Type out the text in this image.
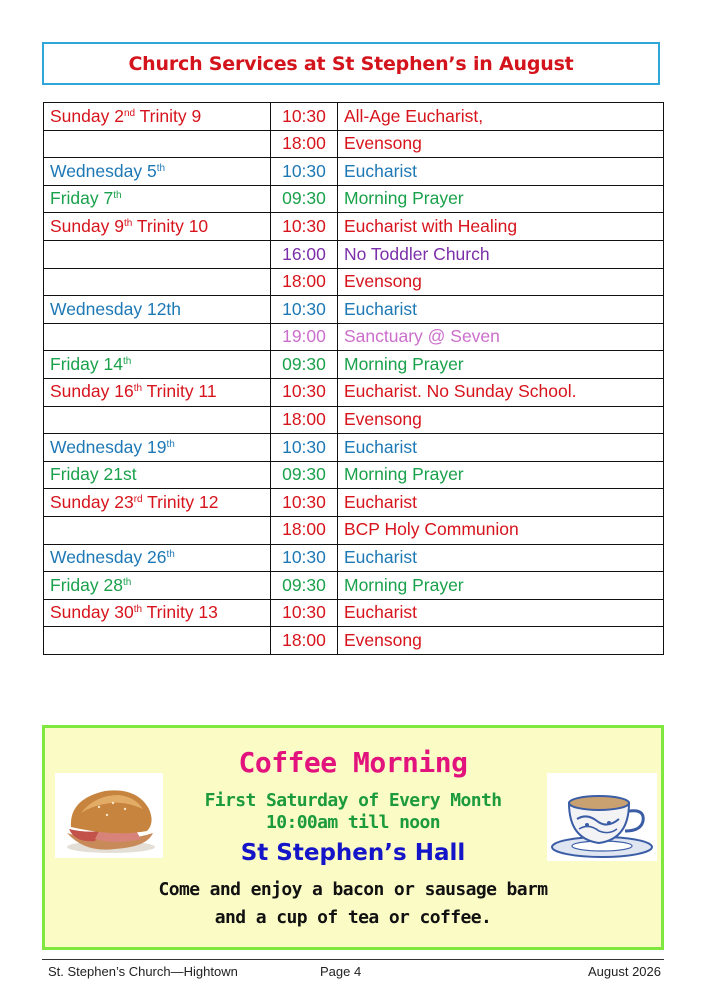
Church Services at St Stephen’s in August
Sunday 2nd Trinity 9	10:30	All-Age Eucharist,
	18:00	Evensong
Wednesday 5th	10:30	Eucharist
Friday 7th	09:30	Morning Prayer
Sunday 9th Trinity 10	10:30	Eucharist with Healing
	16:00	No Toddler Church
	18:00	Evensong
Wednesday 12th	10:30	Eucharist
	19:00	Sanctuary @ Seven
Friday 14th	09:30	Morning Prayer
Sunday 16th Trinity 11	10:30	Eucharist. No Sunday School.
	18:00	Evensong
Wednesday 19th	10:30	Eucharist
Friday 21st	09:30	Morning Prayer
Sunday 23rd Trinity 12	10:30	Eucharist
	18:00	BCP Holy Communion
Wednesday 26th	10:30	Eucharist
Friday 28th	09:30	Morning Prayer
Sunday 30th Trinity 13	10:30	Eucharist
	18:00	Evensong
Coffee Morning
First Saturday of Every Month
10:00am till noon
St Stephen’s Hall
Come and enjoy a bacon or sausage barm
and a cup of tea or coffee.
St. Stephen’s Church—Hightown	Page 4	August 2026
